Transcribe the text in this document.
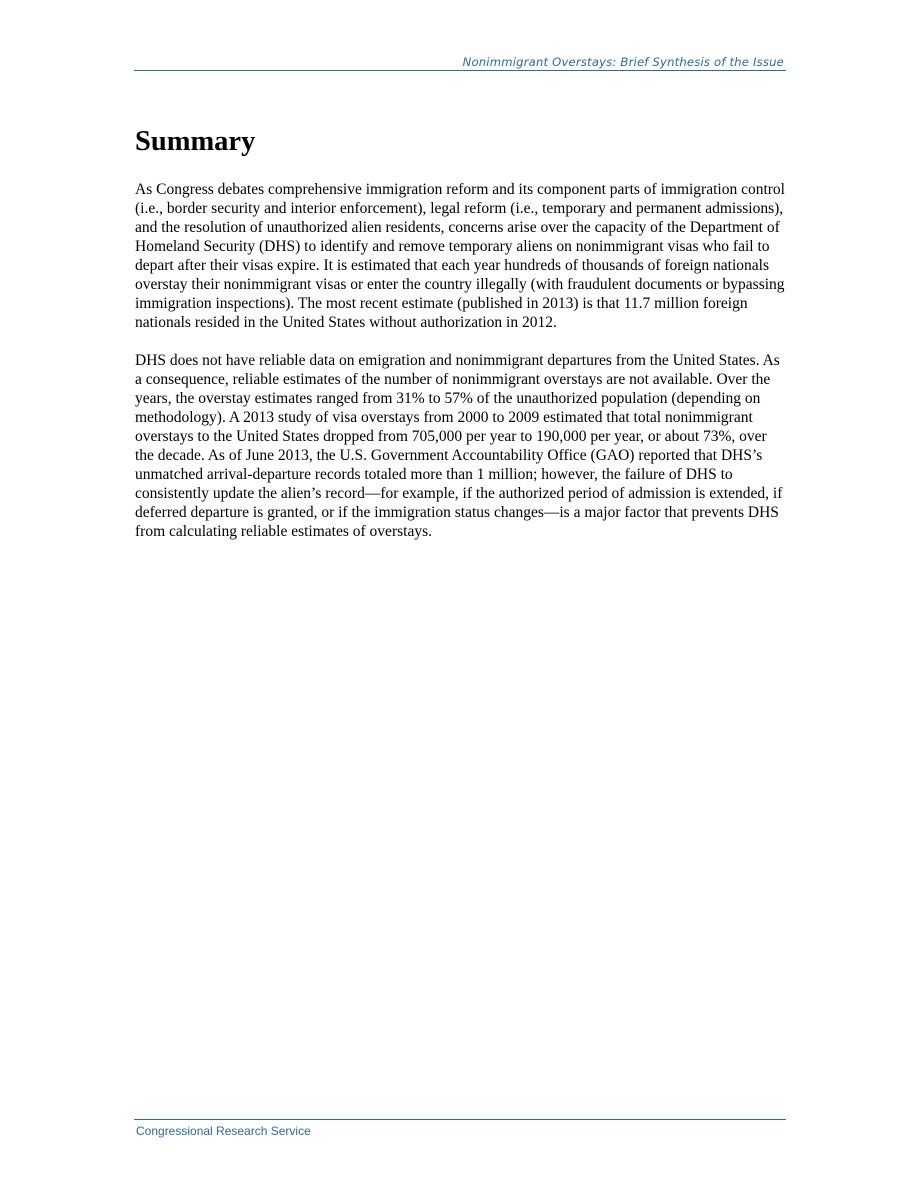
Nonimmigrant Overstays: Brief Synthesis of the Issue
Summary

As Congress debates comprehensive immigration reform and its component parts of immigration control (i.e., border security and interior enforcement), legal reform (i.e., temporary and permanent admissions), and the resolution of unauthorized alien residents, concerns arise over the capacity of the Department of Homeland Security (DHS) to identify and remove temporary aliens on nonimmigrant visas who fail to depart after their visas expire. It is estimated that each year hundreds of thousands of foreign nationals overstay their nonimmigrant visas or enter the country illegally (with fraudulent documents or bypassing immigration inspections). The most recent estimate (published in 2013) is that 11.7 million foreign nationals resided in the United States without authorization in 2012.

DHS does not have reliable data on emigration and nonimmigrant departures from the United States. As a consequence, reliable estimates of the number of nonimmigrant overstays are not available. Over the years, the overstay estimates ranged from 31% to 57% of the unauthorized population (depending on methodology). A 2013 study of visa overstays from 2000 to 2009 estimated that total nonimmigrant overstays to the United States dropped from 705,000 per year to 190,000 per year, or about 73%, over the decade. As of June 2013, the U.S. Government Accountability Office (GAO) reported that DHS’s unmatched arrival-departure records totaled more than 1 million; however, the failure of DHS to consistently update the alien’s record—for example, if the authorized period of admission is extended, if deferred departure is granted, or if the immigration status changes—is a major factor that prevents DHS from calculating reliable estimates of overstays.

Congressional Research Service
